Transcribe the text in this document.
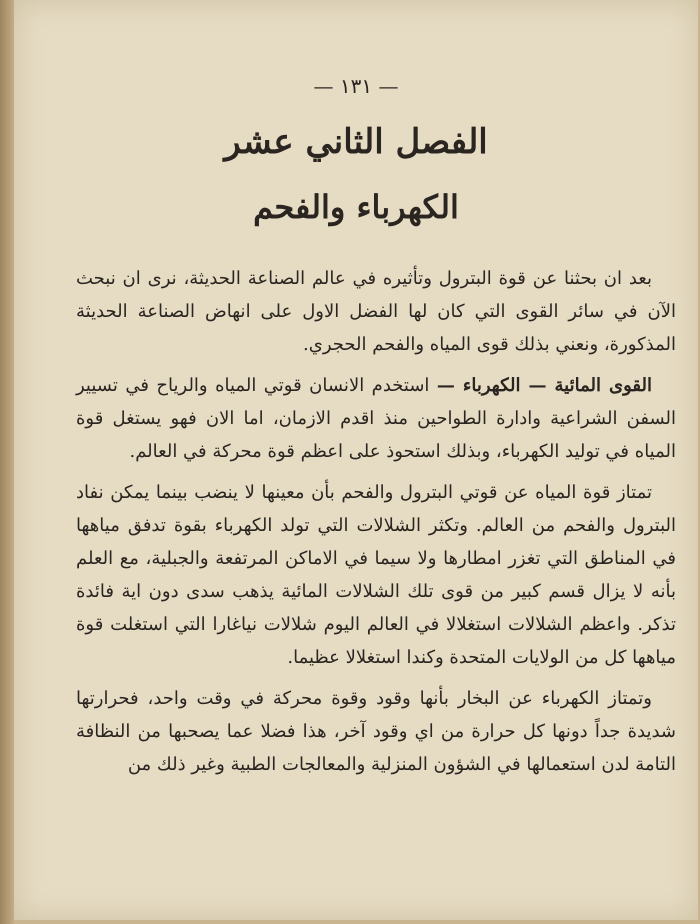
— ١٣١ —
الفصل الثاني عشر
الكهرباء والفحم

بعد ان بحثنا عن قوة البترول وتأثيره في عالم الصناعة الحديثة، نرى ان نبحث الآن في سائر القوى التي كان لها الفضل الاول على انهاض الصناعة الحديثة المذكورة، ونعني بذلك قوى المياه والفحم الحجري.

القوى المائية — الكهرباء — استخدم الانسان قوتي المياه والرياح في تسيير السفن الشراعية وادارة الطواحين منذ اقدم الازمان، اما الان فهو يستغل قوة المياه في توليد الكهرباء، وبذلك استحوذ على اعظم قوة محركة في العالم.

تمتاز قوة المياه عن قوتي البترول والفحم بأن معينها لا ينضب بينما يمكن نفاد البترول والفحم من العالم. وتكثر الشلالات التي تولد الكهرباء بقوة تدفق مياهها في المناطق التي تغزر امطارها ولا سيما في الاماكن المرتفعة والجبلية، مع العلم بأنه لا يزال قسم كبير من قوى تلك الشلالات المائية يذهب سدى دون اية فائدة تذكر. واعظم الشلالات استغلالا في العالم اليوم شلالات نياغارا التي استغلت قوة مياهها كل من الولايات المتحدة وكندا استغلالا عظيما.

وتمتاز الكهرباء عن البخار بأنها وقود وقوة محركة في وقت واحد، فحرارتها شديدة جداً دونها كل حرارة من اي وقود آخر، هذا فضلا عما يصحبها من النظافة التامة لدن استعمالها في الشؤون المنزلية والمعالجات الطبية وغير ذلك من
